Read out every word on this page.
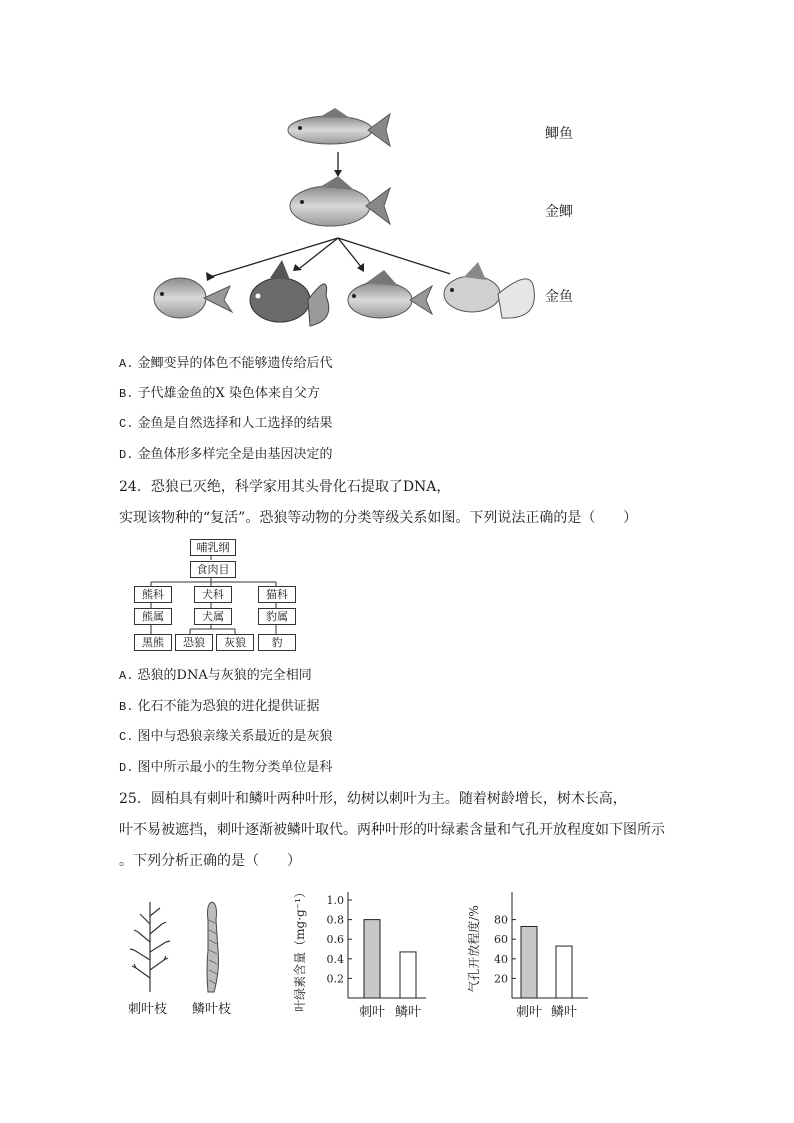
鲫鱼
金鲫
金鱼
A. 金鲫变异的体色不能够遗传给后代
B. 子代雄金鱼的X 染色体来自父方
C. 金鱼是自然选择和人工选择的结果
D. 金鱼体形多样完全是由基因决定的
24．恐狼已灭绝，科学家用其头骨化石提取了DNA，
实现该物种的“复活”。恐狼等动物的分类等级关系如图。下列说法正确的是（　　）
哺乳纲
食肉目
熊科	犬科	猫科
熊属	犬属	豹属
黑熊	恐狼	灰狼	豹
A. 恐狼的DNA与灰狼的完全相同
B. 化石不能为恐狼的进化提供证据
C. 图中与恐狼亲缘关系最近的是灰狼
D. 图中所示最小的生物分类单位是科
25．圆柏具有刺叶和鳞叶两种叶形，幼树以刺叶为主。随着树龄增长，树木长高，
叶不易被遮挡，刺叶逐渐被鳞叶取代。两种叶形的叶绿素含量和气孔开放程度如下图所示
。下列分析正确的是（　　）
刺叶枝 鳞叶枝
0.2
0.4
0.6
0.8
1.0
刺叶 鳞叶
叶绿素含量（mg·g⁻¹）	20
40
60
80
刺叶 鳞叶
气孔开放程度/%
